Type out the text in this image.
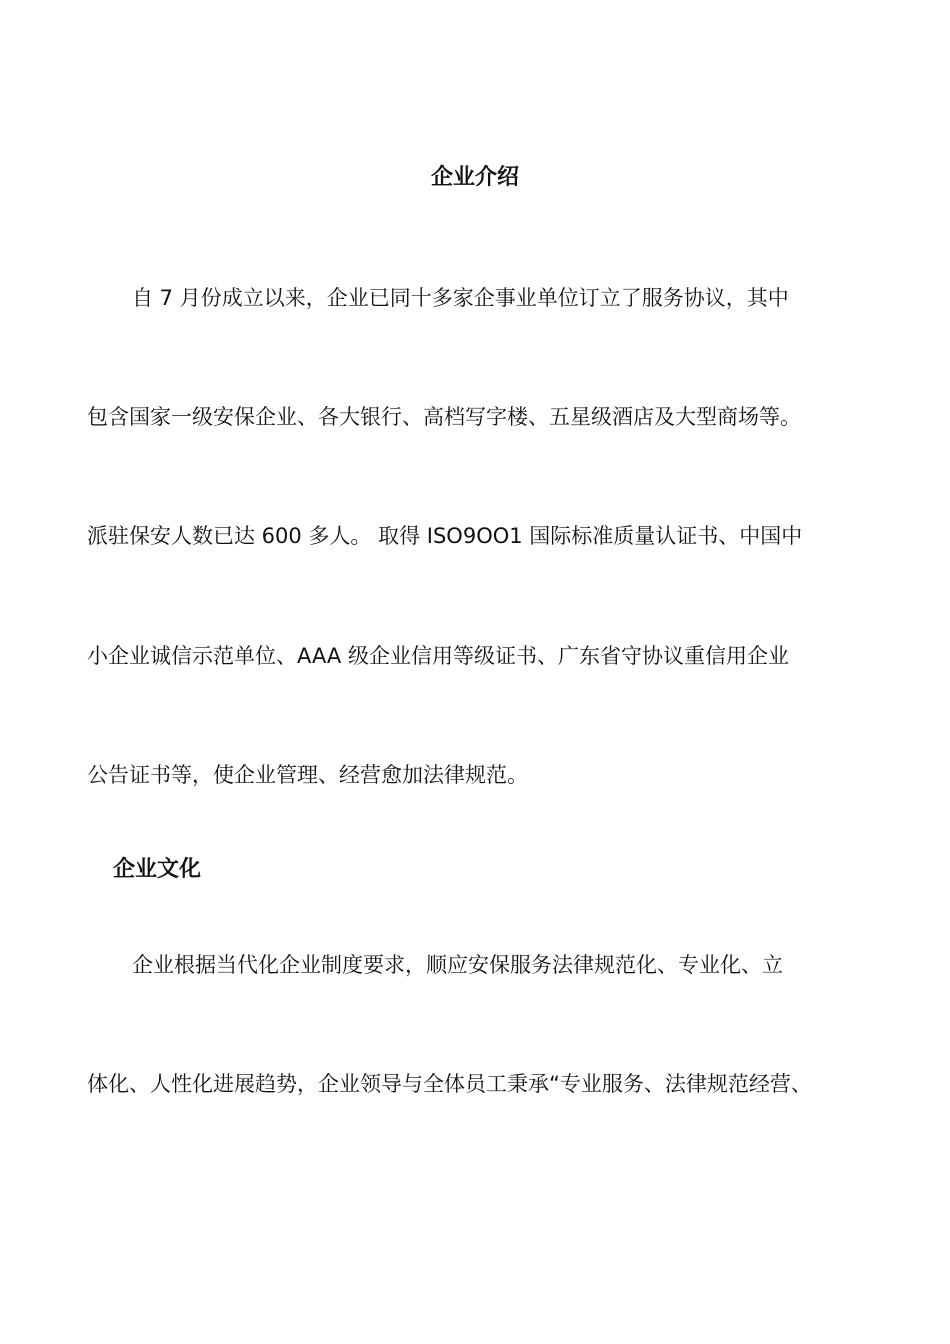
企业介绍

自 7 月份成立以来，企业已同十多家企事业单位订立了服务协议，其中

包含国家一级安保企业、各大银行、高档写字楼、五星级酒店及大型商场等。

派驻保安人数已达 600 多人。 取得 ISO9OO1 国际标准质量认证书、中国中

小企业诚信示范单位、AAA 级企业信用等级证书、广东省守协议重信用企业

公告证书等，使企业管理、经营愈加法律规范。

企业文化

企业根据当代化企业制度要求，顺应安保服务法律规范化、专业化、立

体化、人性化进展趋势，企业领导与全体员工秉承“专业服务、法律规范经营、
